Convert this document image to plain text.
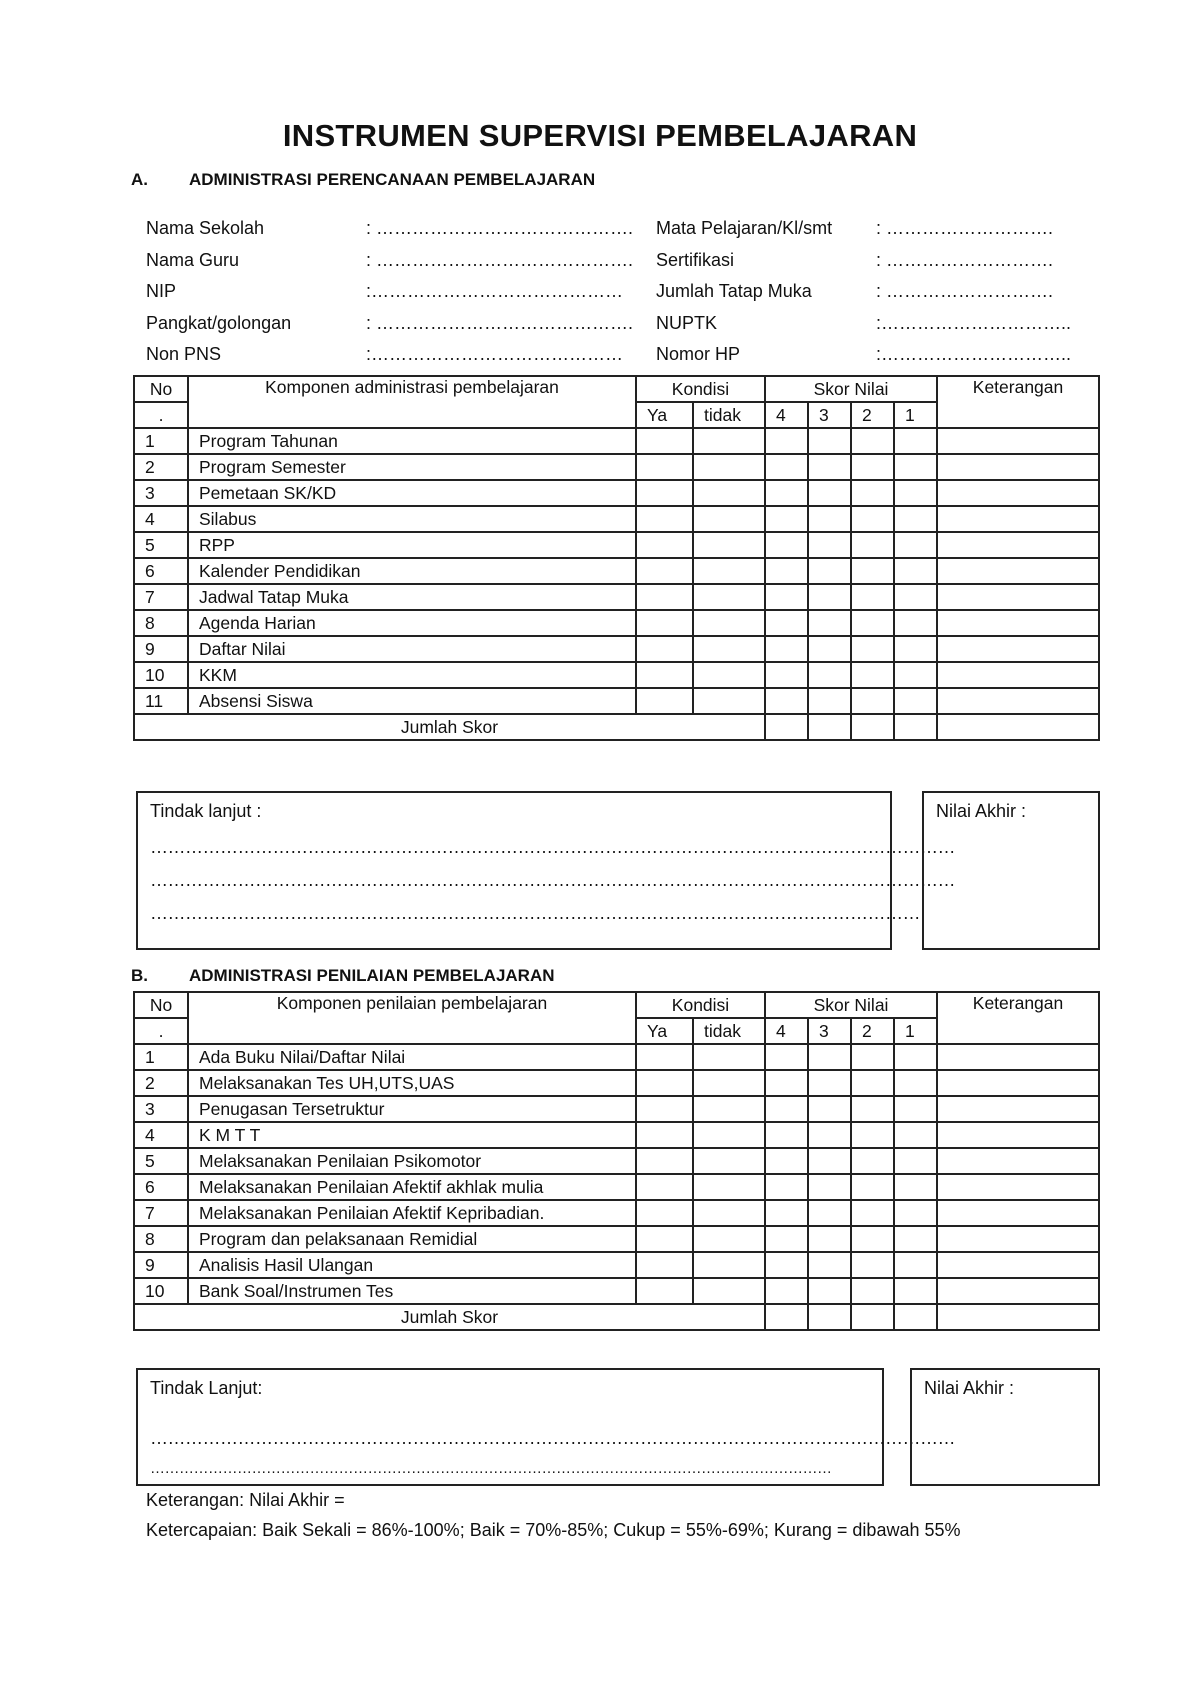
INSTRUMEN SUPERVISI PEMBELAJARAN
A. ADMINISTRASI PERENCANAAN PEMBELAJARAN
Nama Sekolah	: ……………………………………. Mata Pelajaran/Kl/smt : ……………………….
Nama Guru	: ……………………………………. Sertifikasi	: ……………………….
NIP	:…………………………………… Jumlah Tatap Muka	: ……………………….
Pangkat/golongan	: ……………………………………. NUPTK	:…………………………..
Non PNS	:…………………………………… Nomor HP	:…………………………..
No	Komponen administrasi pembelajaran	Kondisi		Skor Nilai				Keterangan
.		Ya	tidak	4	3	2	1	
1	Program Tahunan							
2	Program Semester							
3	Pemetaan SK/KD							
4	Silabus							
5	RPP							
6	Kalender Pendidikan							
7	Jadwal Tatap Muka							
8	Agenda Harian							
9	Daftar Nilai							
10	KKM							
11	Absensi Siswa							
Jumlah Skor								
Tindak lanjut :
…………………………………………………………………………………………………………………………
…………………………………………………………………………………………………………………………
……………………………………………………………………………………………………………………
Nilai Akhir :
B. ADMINISTRASI PENILAIAN PEMBELAJARAN
No	Komponen penilaian pembelajaran	Kondisi		Skor Nilai				Keterangan
.		Ya	tidak	4	3	2	1	
1	Ada Buku Nilai/Daftar Nilai							
2	Melaksanakan Tes UH,UTS,UAS							
3	Penugasan Tersetruktur							
4	K M T T							
5	Melaksanakan Penilaian Psikomotor							
6	Melaksanakan Penilaian Afektif akhlak mulia							
7	Melaksanakan Penilaian Afektif Kepribadian.							
8	Program dan pelaksanaan Remidial							
9	Analisis Hasil Ulangan							
10	Bank Soal/Instrumen Tes							
Jumlah Skor								
Tindak Lanjut:
…………………………………………………………………………………………………………………………
……………………………………………………………………………………………………………………………
Nilai Akhir :
Keterangan: Nilai Akhir =
Ketercapaian: Baik Sekali = 86%-100%; Baik = 70%-85%; Cukup = 55%-69%; Kurang = dibawah 55%
